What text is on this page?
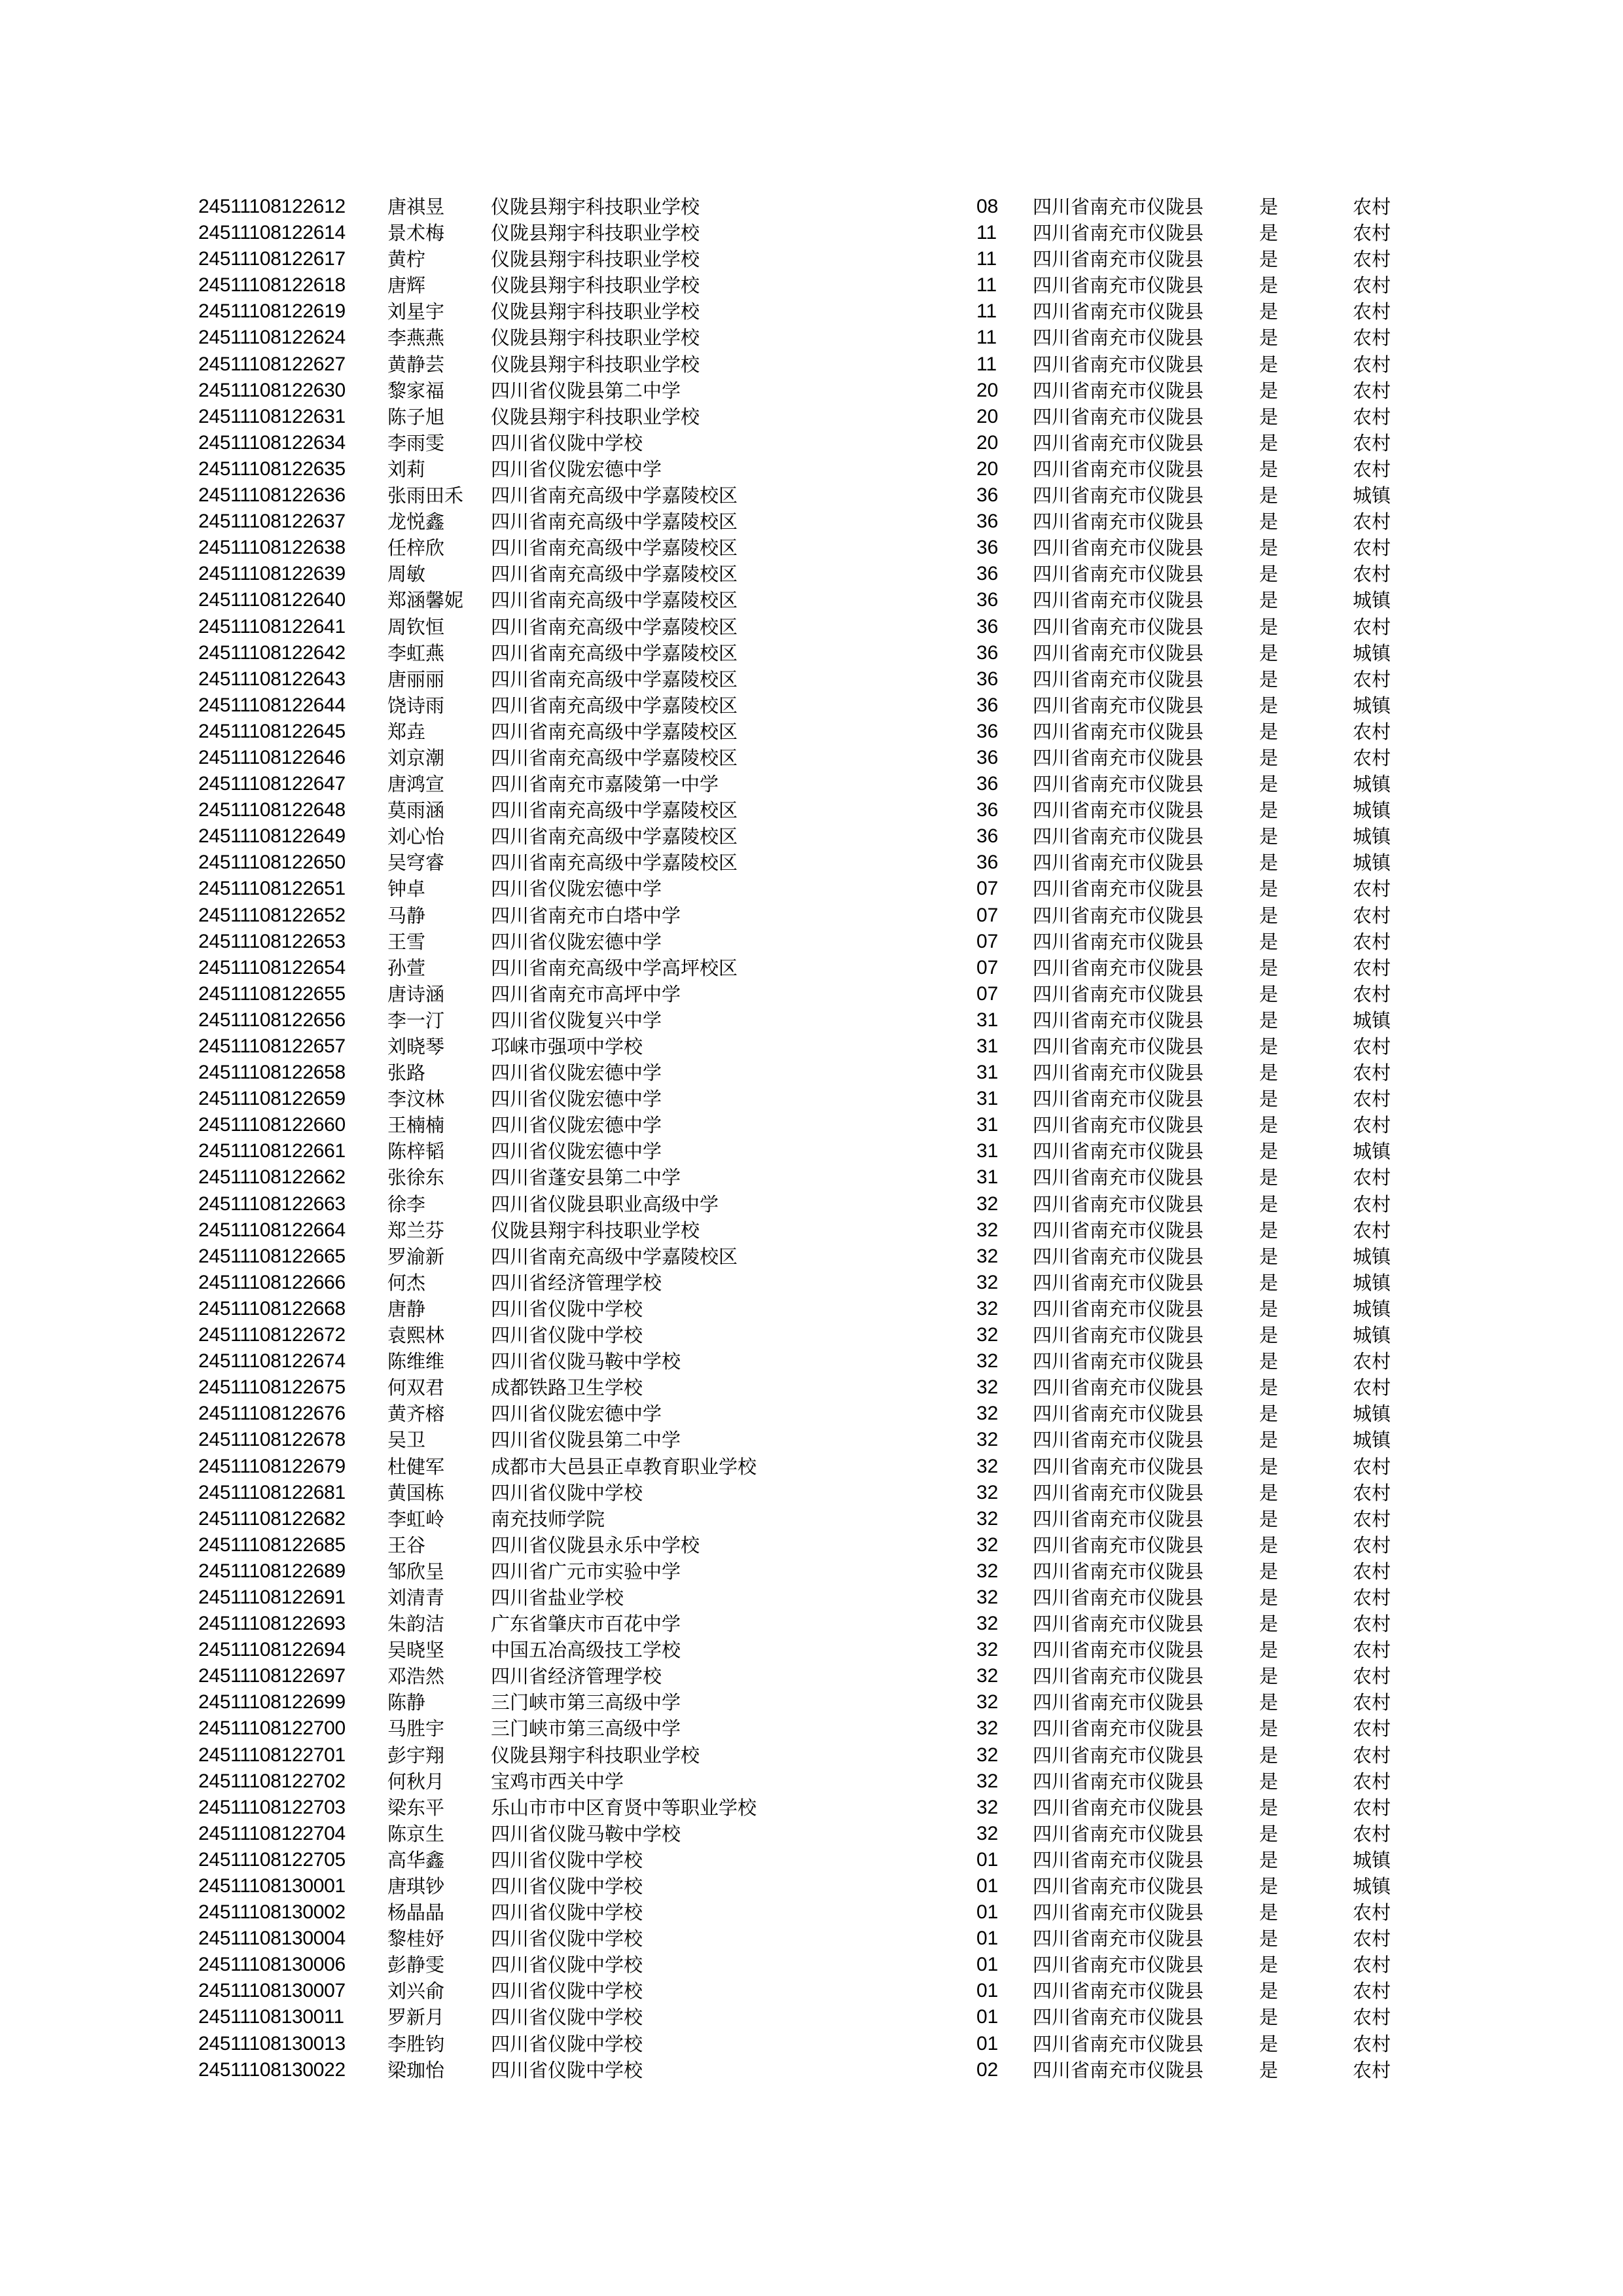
24511108122612 唐祺昱 仪陇县翔宇科技职业学校	08 四川省南充市仪陇县	是	农村
24511108122614 景术梅 仪陇县翔宇科技职业学校	11 四川省南充市仪陇县	是	农村
24511108122617 黄柠	仪陇县翔宇科技职业学校	11 四川省南充市仪陇县	是	农村
24511108122618 唐辉	仪陇县翔宇科技职业学校	11 四川省南充市仪陇县	是	农村
24511108122619 刘星宇 仪陇县翔宇科技职业学校	11 四川省南充市仪陇县	是	农村
24511108122624 李燕燕 仪陇县翔宇科技职业学校	11 四川省南充市仪陇县	是	农村
24511108122627 黄静芸 仪陇县翔宇科技职业学校	11 四川省南充市仪陇县	是	农村
24511108122630 黎家福 四川省仪陇县第二中学	20 四川省南充市仪陇县	是	农村
24511108122631 陈子旭 仪陇县翔宇科技职业学校	20 四川省南充市仪陇县	是	农村
24511108122634 李雨雯 四川省仪陇中学校	20 四川省南充市仪陇县	是	农村
24511108122635 刘莉	四川省仪陇宏德中学	20 四川省南充市仪陇县	是	农村
24511108122636 张雨田禾 四川省南充高级中学嘉陵校区	36 四川省南充市仪陇县	是	城镇
24511108122637 龙悦鑫 四川省南充高级中学嘉陵校区	36 四川省南充市仪陇县	是	农村
24511108122638 任梓欣 四川省南充高级中学嘉陵校区	36 四川省南充市仪陇县	是	农村
24511108122639 周敏	四川省南充高级中学嘉陵校区	36 四川省南充市仪陇县	是	农村
24511108122640 郑涵馨妮 四川省南充高级中学嘉陵校区	36 四川省南充市仪陇县	是	城镇
24511108122641 周钦恒 四川省南充高级中学嘉陵校区	36 四川省南充市仪陇县	是	农村
24511108122642 李虹燕 四川省南充高级中学嘉陵校区	36 四川省南充市仪陇县	是	城镇
24511108122643 唐丽丽 四川省南充高级中学嘉陵校区	36 四川省南充市仪陇县	是	农村
24511108122644 饶诗雨 四川省南充高级中学嘉陵校区	36 四川省南充市仪陇县	是	城镇
24511108122645 郑垚	四川省南充高级中学嘉陵校区	36 四川省南充市仪陇县	是	农村
24511108122646 刘京潮 四川省南充高级中学嘉陵校区	36 四川省南充市仪陇县	是	农村
24511108122647 唐鸿宣 四川省南充市嘉陵第一中学	36 四川省南充市仪陇县	是	城镇
24511108122648 莫雨涵 四川省南充高级中学嘉陵校区	36 四川省南充市仪陇县	是	城镇
24511108122649 刘心怡 四川省南充高级中学嘉陵校区	36 四川省南充市仪陇县	是	城镇
24511108122650 吴穹睿 四川省南充高级中学嘉陵校区	36 四川省南充市仪陇县	是	城镇
24511108122651 钟卓	四川省仪陇宏德中学	07 四川省南充市仪陇县	是	农村
24511108122652 马静	四川省南充市白塔中学	07 四川省南充市仪陇县	是	农村
24511108122653 王雪	四川省仪陇宏德中学	07 四川省南充市仪陇县	是	农村
24511108122654 孙萱	四川省南充高级中学高坪校区	07 四川省南充市仪陇县	是	农村
24511108122655 唐诗涵 四川省南充市高坪中学	07 四川省南充市仪陇县	是	农村
24511108122656 李一汀 四川省仪陇复兴中学	31 四川省南充市仪陇县	是	城镇
24511108122657 刘晓琴 邛崃市强项中学校	31 四川省南充市仪陇县	是	农村
24511108122658 张路	四川省仪陇宏德中学	31 四川省南充市仪陇县	是	农村
24511108122659 李汶林 四川省仪陇宏德中学	31 四川省南充市仪陇县	是	农村
24511108122660 王楠楠 四川省仪陇宏德中学	31 四川省南充市仪陇县	是	农村
24511108122661 陈梓韬 四川省仪陇宏德中学	31 四川省南充市仪陇县	是	城镇
24511108122662 张徐东 四川省蓬安县第二中学	31 四川省南充市仪陇县	是	农村
24511108122663 徐李	四川省仪陇县职业高级中学	32 四川省南充市仪陇县	是	农村
24511108122664 郑兰芬 仪陇县翔宇科技职业学校	32 四川省南充市仪陇县	是	农村
24511108122665 罗渝新 四川省南充高级中学嘉陵校区	32 四川省南充市仪陇县	是	城镇
24511108122666 何杰	四川省经济管理学校	32 四川省南充市仪陇县	是	城镇
24511108122668 唐静	四川省仪陇中学校	32 四川省南充市仪陇县	是	城镇
24511108122672 袁熙林 四川省仪陇中学校	32 四川省南充市仪陇县	是	城镇
24511108122674 陈维维 四川省仪陇马鞍中学校	32 四川省南充市仪陇县	是	农村
24511108122675 何双君 成都铁路卫生学校	32 四川省南充市仪陇县	是	农村
24511108122676 黄齐榕 四川省仪陇宏德中学	32 四川省南充市仪陇县	是	城镇
24511108122678 吴卫	四川省仪陇县第二中学	32 四川省南充市仪陇县	是	城镇
24511108122679 杜健军 成都市大邑县正卓教育职业学校	32 四川省南充市仪陇县	是	农村
24511108122681 黄国栋 四川省仪陇中学校	32 四川省南充市仪陇县	是	农村
24511108122682 李虹岭 南充技师学院	32 四川省南充市仪陇县	是	农村
24511108122685 王谷	四川省仪陇县永乐中学校	32 四川省南充市仪陇县	是	农村
24511108122689 邹欣呈 四川省广元市实验中学	32 四川省南充市仪陇县	是	农村
24511108122691 刘清青 四川省盐业学校	32 四川省南充市仪陇县	是	农村
24511108122693 朱韵洁 广东省肇庆市百花中学	32 四川省南充市仪陇县	是	农村
24511108122694 吴晓坚 中国五冶高级技工学校	32 四川省南充市仪陇县	是	农村
24511108122697 邓浩然 四川省经济管理学校	32 四川省南充市仪陇县	是	农村
24511108122699 陈静	三门峡市第三高级中学	32 四川省南充市仪陇县	是	农村
24511108122700 马胜宇 三门峡市第三高级中学	32 四川省南充市仪陇县	是	农村
24511108122701 彭宇翔 仪陇县翔宇科技职业学校	32 四川省南充市仪陇县	是	农村
24511108122702 何秋月 宝鸡市西关中学	32 四川省南充市仪陇县	是	农村
24511108122703 梁东平 乐山市市中区育贤中等职业学校	32 四川省南充市仪陇县	是	农村
24511108122704 陈京生 四川省仪陇马鞍中学校	32 四川省南充市仪陇县	是	农村
24511108122705 高华鑫 四川省仪陇中学校	01 四川省南充市仪陇县	是	城镇
24511108130001 唐琪钞 四川省仪陇中学校	01 四川省南充市仪陇县	是	城镇
24511108130002 杨晶晶 四川省仪陇中学校	01 四川省南充市仪陇县	是	农村
24511108130004 黎桂妤 四川省仪陇中学校	01 四川省南充市仪陇县	是	农村
24511108130006 彭静雯 四川省仪陇中学校	01 四川省南充市仪陇县	是	农村
24511108130007 刘兴俞 四川省仪陇中学校	01 四川省南充市仪陇县	是	农村
24511108130011 罗新月 四川省仪陇中学校	01 四川省南充市仪陇县	是	农村
24511108130013 李胜钧 四川省仪陇中学校	01 四川省南充市仪陇县	是	农村
24511108130022 梁珈怡 四川省仪陇中学校	02 四川省南充市仪陇县	是	农村
